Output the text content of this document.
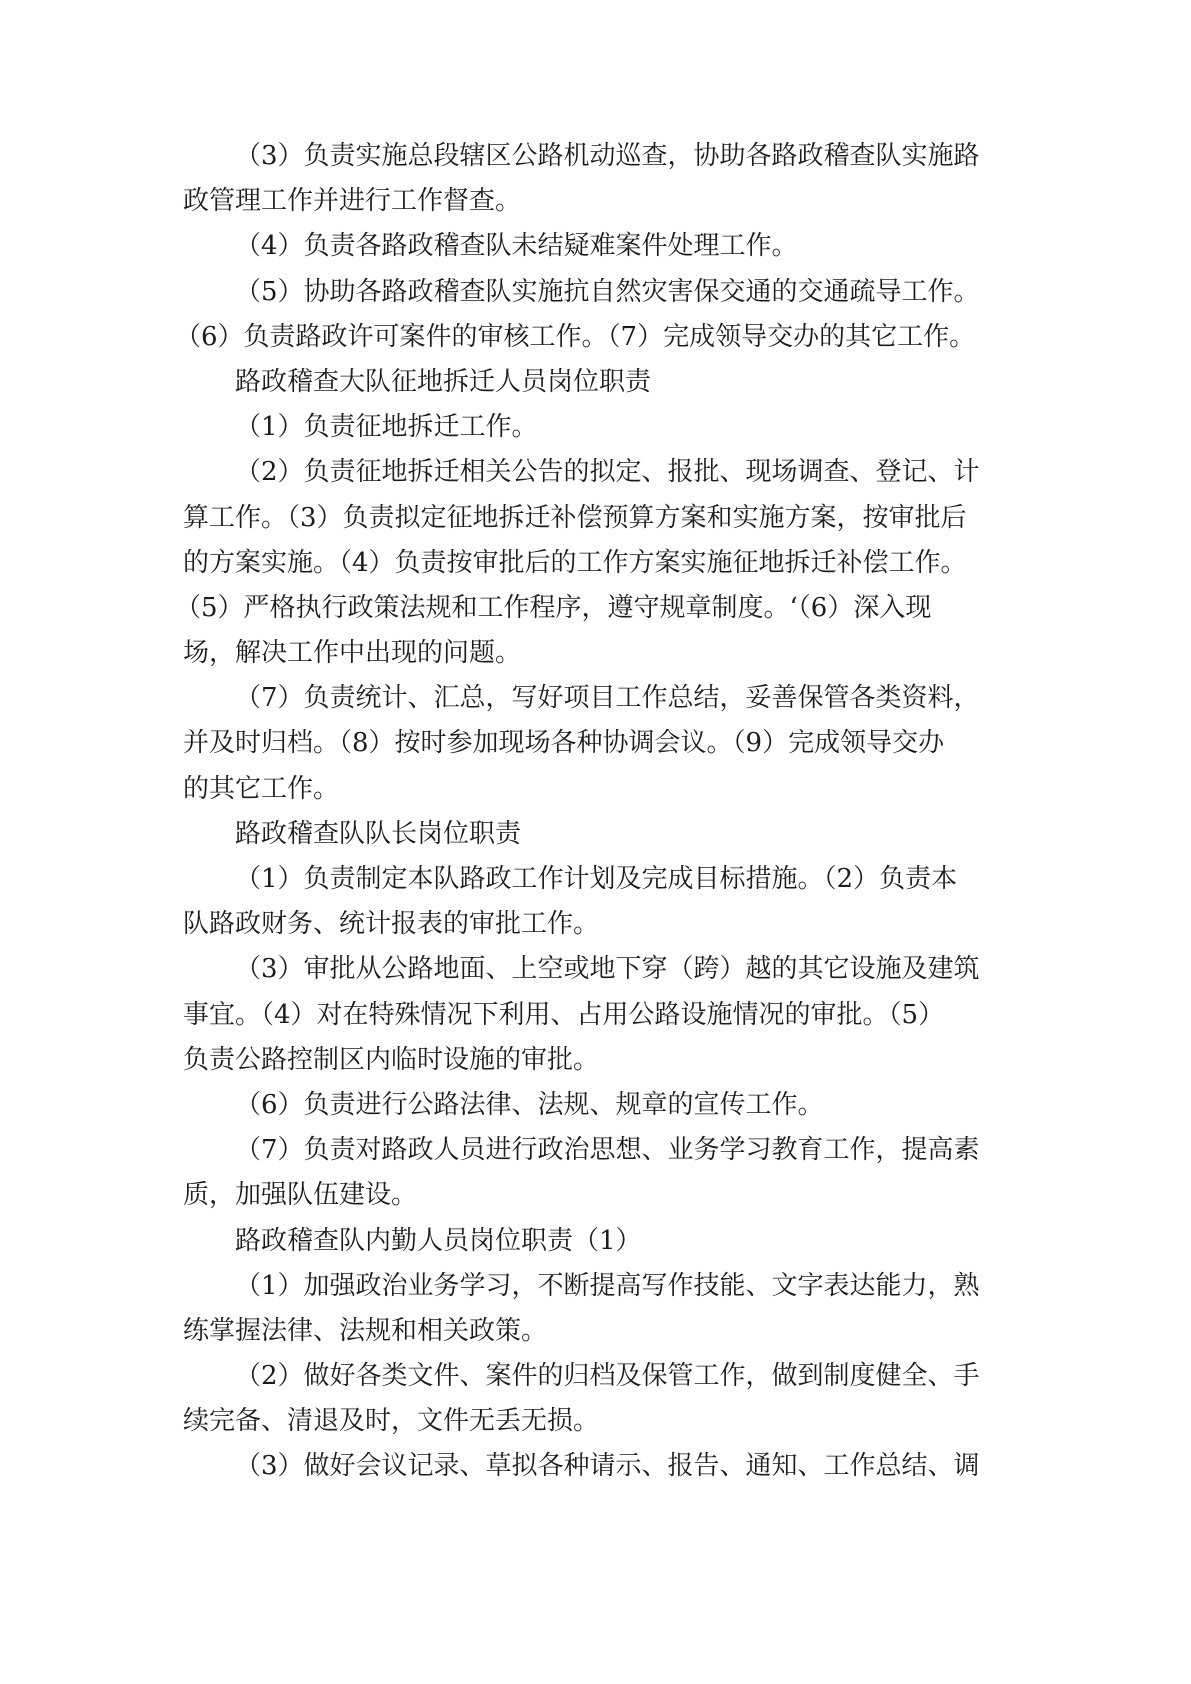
（3）负责实施总段辖区公路机动巡查，协助各路政稽查队实施路
政管理工作并进行工作督查。
（4）负责各路政稽查队未结疑难案件处理工作。
（5）协助各路政稽查队实施抗自然灾害保交通的交通疏导工作。
（6）负责路政许可案件的审核工作。（7）完成领导交办的其它工作。
路政稽查大队征地拆迁人员岗位职责
（1）负责征地拆迁工作。
（2）负责征地拆迁相关公告的拟定、报批、现场调查、登记、计
算工作。（3）负责拟定征地拆迁补偿预算方案和实施方案，按审批后
的方案实施。（4）负责按审批后的工作方案实施征地拆迁补偿工作。
（5）严格执行政策法规和工作程序，遵守规章制度。‘（6）深入现
场，解决工作中出现的问题。
（7）负责统计、汇总，写好项目工作总结，妥善保管各类资料，
并及时归档。（8）按时参加现场各种协调会议。（9）完成领导交办
的其它工作。
路政稽查队队长岗位职责
（1）负责制定本队路政工作计划及完成目标措施。（2）负责本
队路政财务、统计报表的审批工作。
（3）审批从公路地面、上空或地下穿（跨）越的其它设施及建筑
事宜。（4）对在特殊情况下利用、占用公路设施情况的审批。（5）
负责公路控制区内临时设施的审批。
（6）负责进行公路法律、法规、规章的宣传工作。
（7）负责对路政人员进行政治思想、业务学习教育工作，提高素
质，加强队伍建设。
路政稽查队内勤人员岗位职责（1）
（1）加强政治业务学习，不断提高写作技能、文字表达能力，熟
练掌握法律、法规和相关政策。
（2）做好各类文件、案件的归档及保管工作，做到制度健全、手
续完备、清退及时，文件无丢无损。
（3）做好会议记录、草拟各种请示、报告、通知、工作总结、调
